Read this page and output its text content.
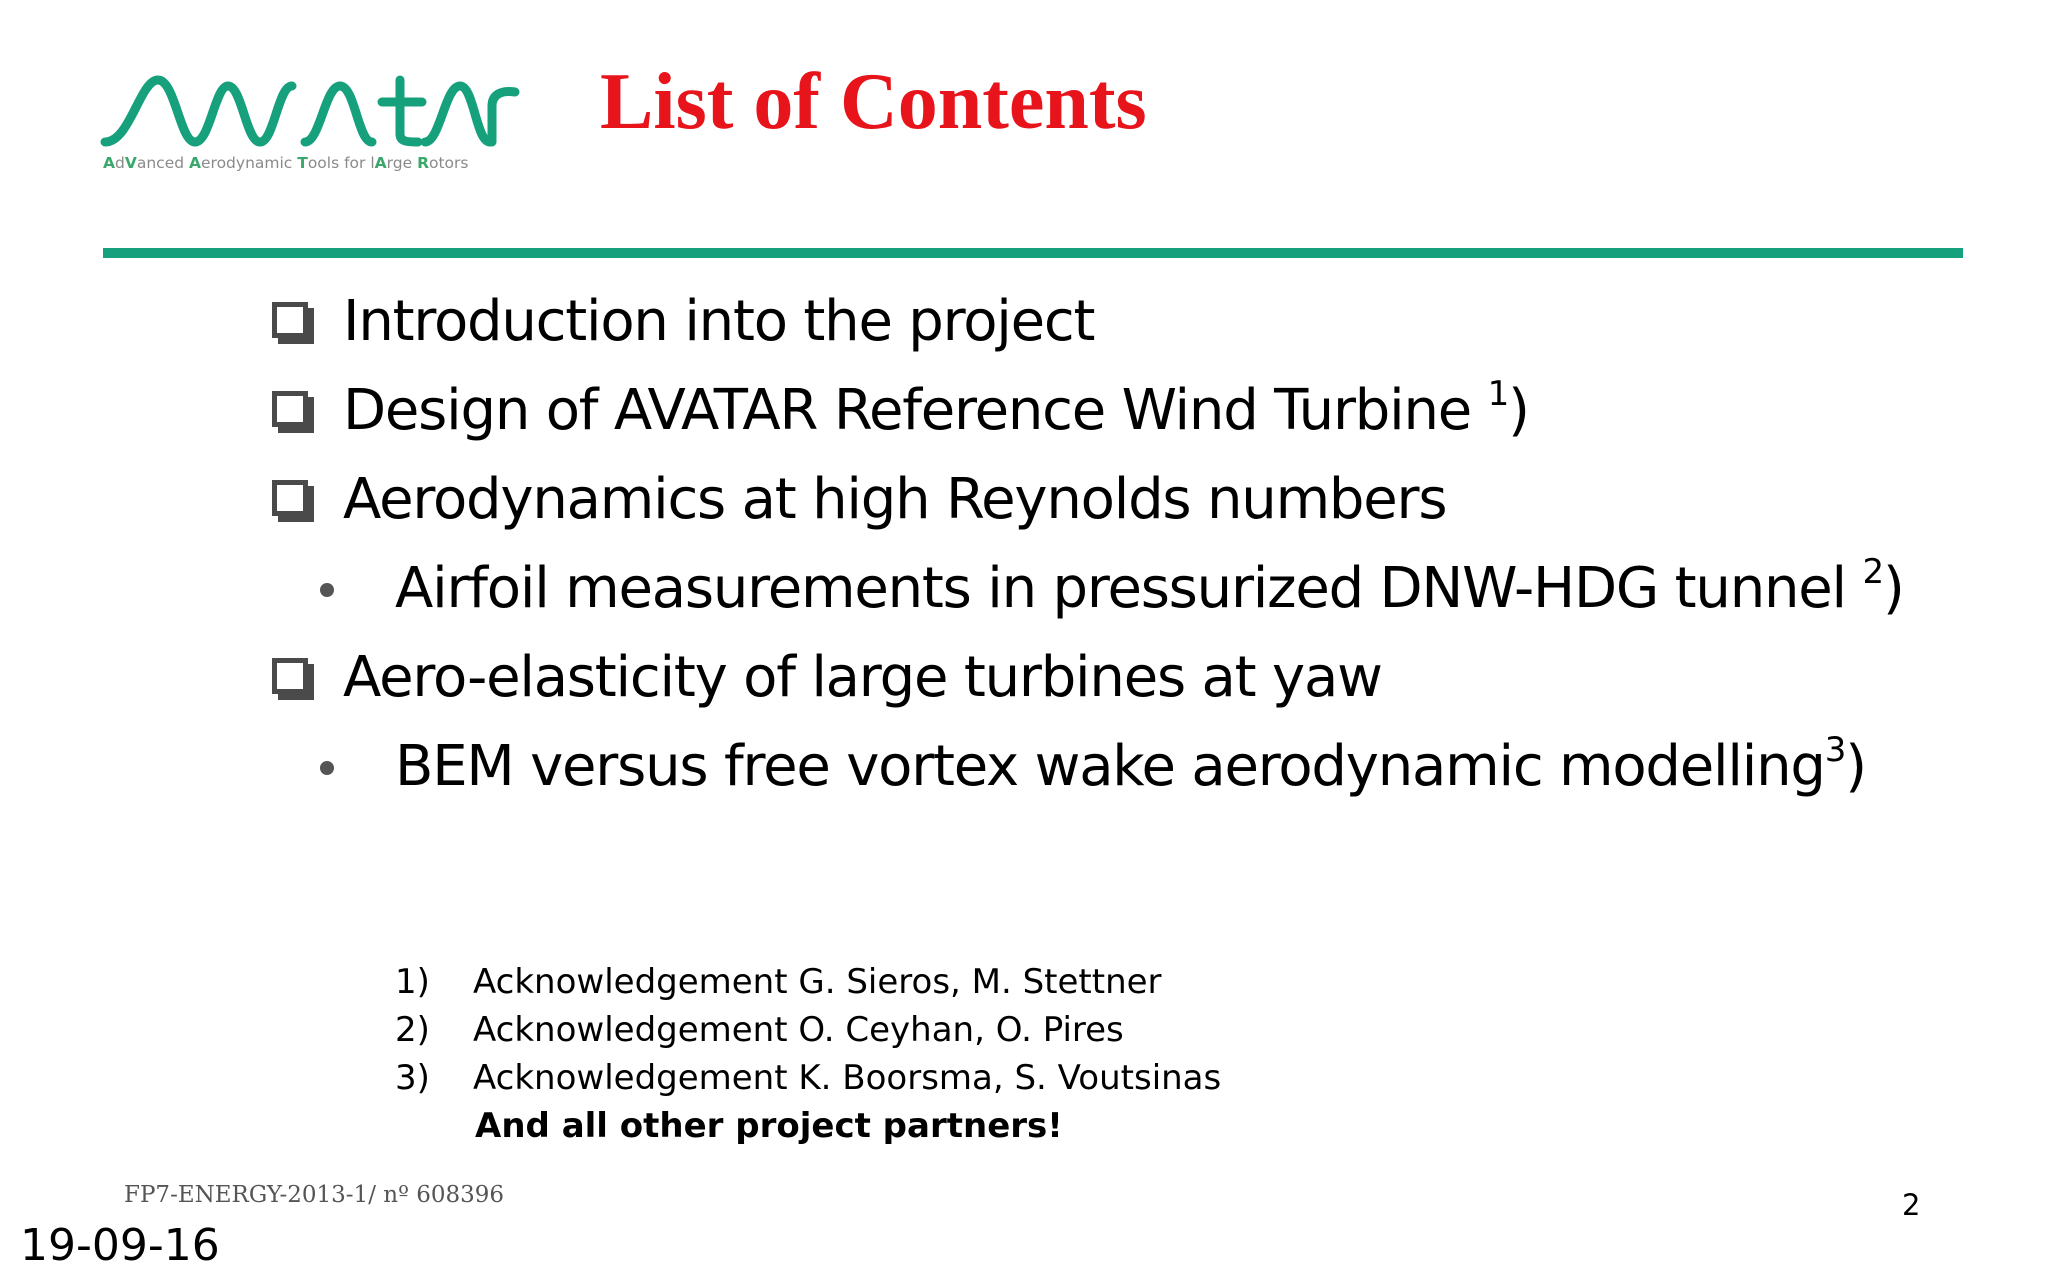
AdVanced Aerodynamic Tools for lArge Rotors
List of Contents
Introduction into the project
Design of AVATAR Reference Wind Turbine $^1$)
Aerodynamics at high Reynolds numbers
Airfoil measurements in pressurized DNW-HDG tunnel $^2$)
Aero-elasticity of large turbines at yaw
BEM versus free vortex wake aerodynamic modelling$^3$)
1) Acknowledgement G. Sieros, M. Stettner
2) Acknowledgement O. Ceyhan, O. Pires
3) Acknowledgement K. Boorsma, S. Voutsinas
And all other project partners!
FP7-ENERGY-2013-1/ nº 608396	2
19-09-16
